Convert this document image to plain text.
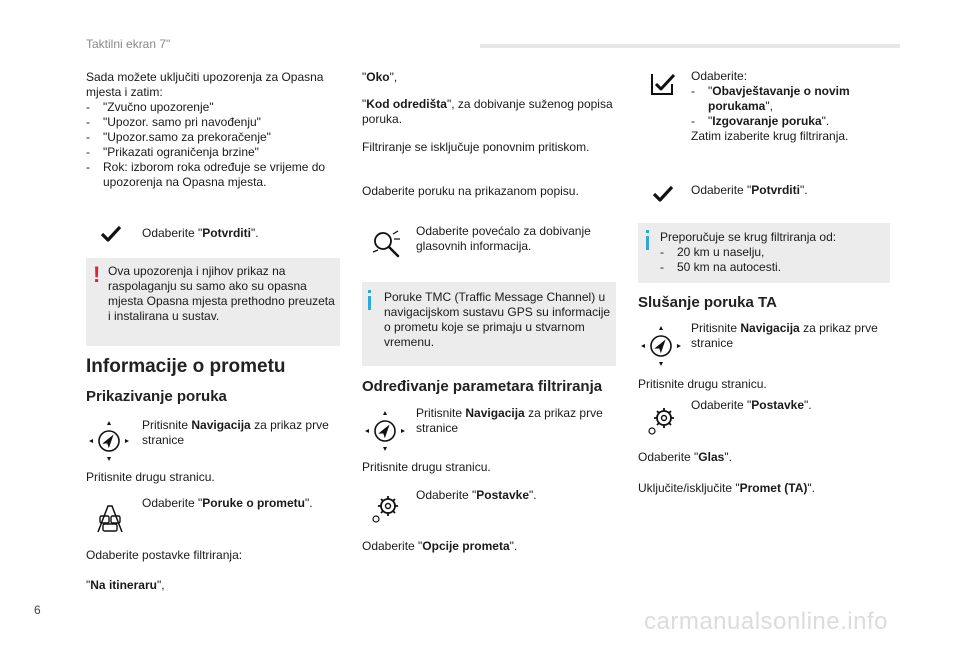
Taktilni ekran 7"

Sada možete uključiti upozorenja za Opasna mjesta i zatim:

-	"Zvučno upozorenje"
-	"Upozor. samo pri navođenju"
-	"Upozor.samo za prekoračenje"
-	"Prikazati ograničenja brzine"
-	Rok: izborom roka određuje se vrijeme do upozorenja na Opasna mjesta.

Odaberite "Potvrditi".

! Ova upozorenja i njihov prikaz na raspolaganju su samo ako su opasna mjesta Opasna mjesta prethodno preuzeta i instalirana u sustav.

Informacije o prometu
Prikazivanje poruka

Pritisnite Navigacija za prikaz prve stranice

Pritisnite drugu stranicu.

Odaberite "Poruke o prometu".

Odaberite postavke filtriranja:

"Na itineraru",

"Oko",

"Kod odredišta", za dobivanje suženog popisa poruka.

Filtriranje se isključuje ponovnim pritiskom.

Odaberite poruku na prikazanom popisu.

Odaberite povećalo za dobivanje glasovnih informacija.

Poruke TMC (Traffic Message Channel) u navigacijskom sustavu GPS su informacije o prometu koje se primaju u stvarnom vremenu.

Određivanje parametara filtriranja

Pritisnite Navigacija za prikaz prve stranice

Pritisnite drugu stranicu.

Odaberite "Postavke".

Odaberite "Opcije prometa".

Odaberite:

-	"Obavještavanje o novim porukama",
-	"Izgovaranje poruka".

Zatim izaberite krug filtriranja.

Odaberite "Potvrditi".

Preporučuje se krug filtriranja od:

-	20 km u naselju,
-	50 km na autocesti.
Slušanje poruka TA

Pritisnite Navigacija za prikaz prve stranice

Pritisnite drugu stranicu.

Odaberite "Postavke".

Odaberite "Glas".

Uključite/isključite "Promet (TA)".

6	carmanualsonline.info
